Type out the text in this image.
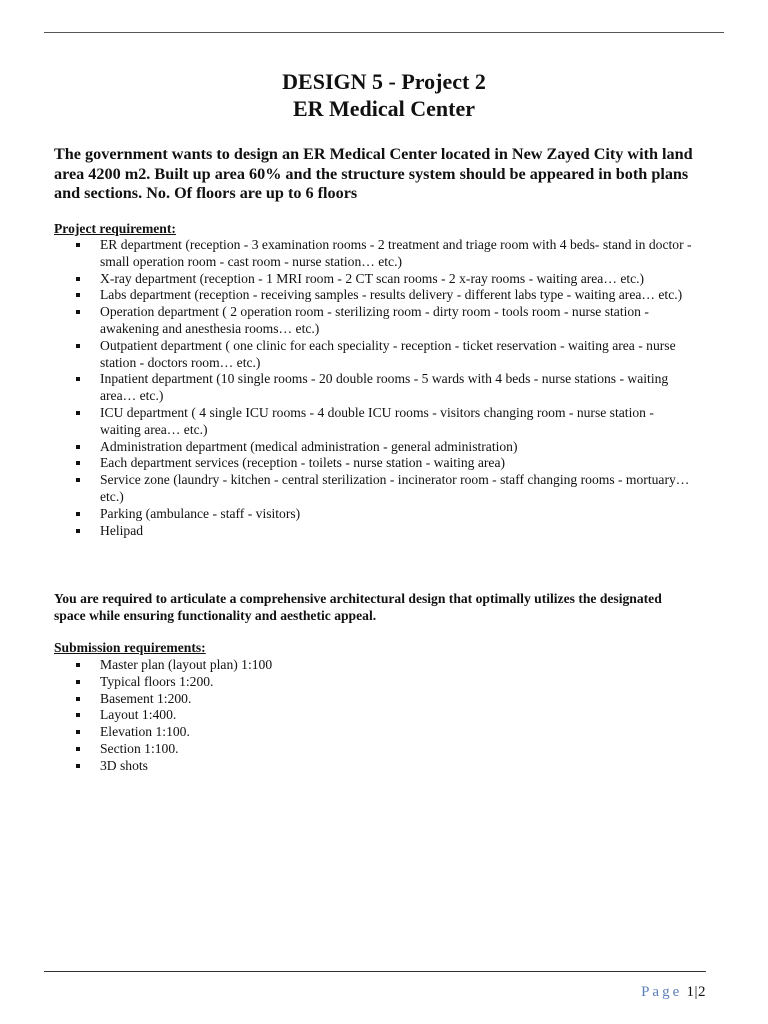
DESIGN 5 - Project 2
ER Medical Center
The government wants to design an ER Medical Center located in New Zayed City with land area 4200 m2. Built up area 60% and the structure system should be appeared in both plans and sections. No. Of floors are up to 6 floors
Project requirement:
ER department (reception - 3 examination rooms - 2 treatment and triage room with 4 beds- stand in doctor - small operation room - cast room - nurse station… etc.)
X-ray department (reception - 1 MRI room - 2 CT scan rooms - 2 x-ray rooms - waiting area… etc.)
Labs department (reception - receiving samples - results delivery - different labs type - waiting area… etc.)
Operation department ( 2 operation room - sterilizing room - dirty room - tools room - nurse station - awakening and anesthesia rooms… etc.)
Outpatient department ( one clinic for each speciality - reception - ticket reservation - waiting area - nurse station - doctors room… etc.)
Inpatient department (10 single rooms - 20 double rooms - 5 wards with 4 beds - nurse stations - waiting area… etc.)
ICU department ( 4 single ICU rooms - 4 double ICU rooms - visitors changing room - nurse station - waiting area… etc.)
Administration department (medical administration - general administration)
Each department services (reception - toilets - nurse station - waiting area)
Service zone (laundry - kitchen - central sterilization - incinerator room - staff changing rooms - mortuary… etc.)
Parking (ambulance - staff - visitors)
Helipad
You are required to articulate a comprehensive architectural design that optimally utilizes the designated space while ensuring functionality and aesthetic appeal.
Submission requirements:
Master plan (layout plan) 1:100
Typical floors 1:200.
Basement 1:200.
Layout 1:400.
Elevation 1:100.
Section 1:100.
3D shots
Page 1|2
